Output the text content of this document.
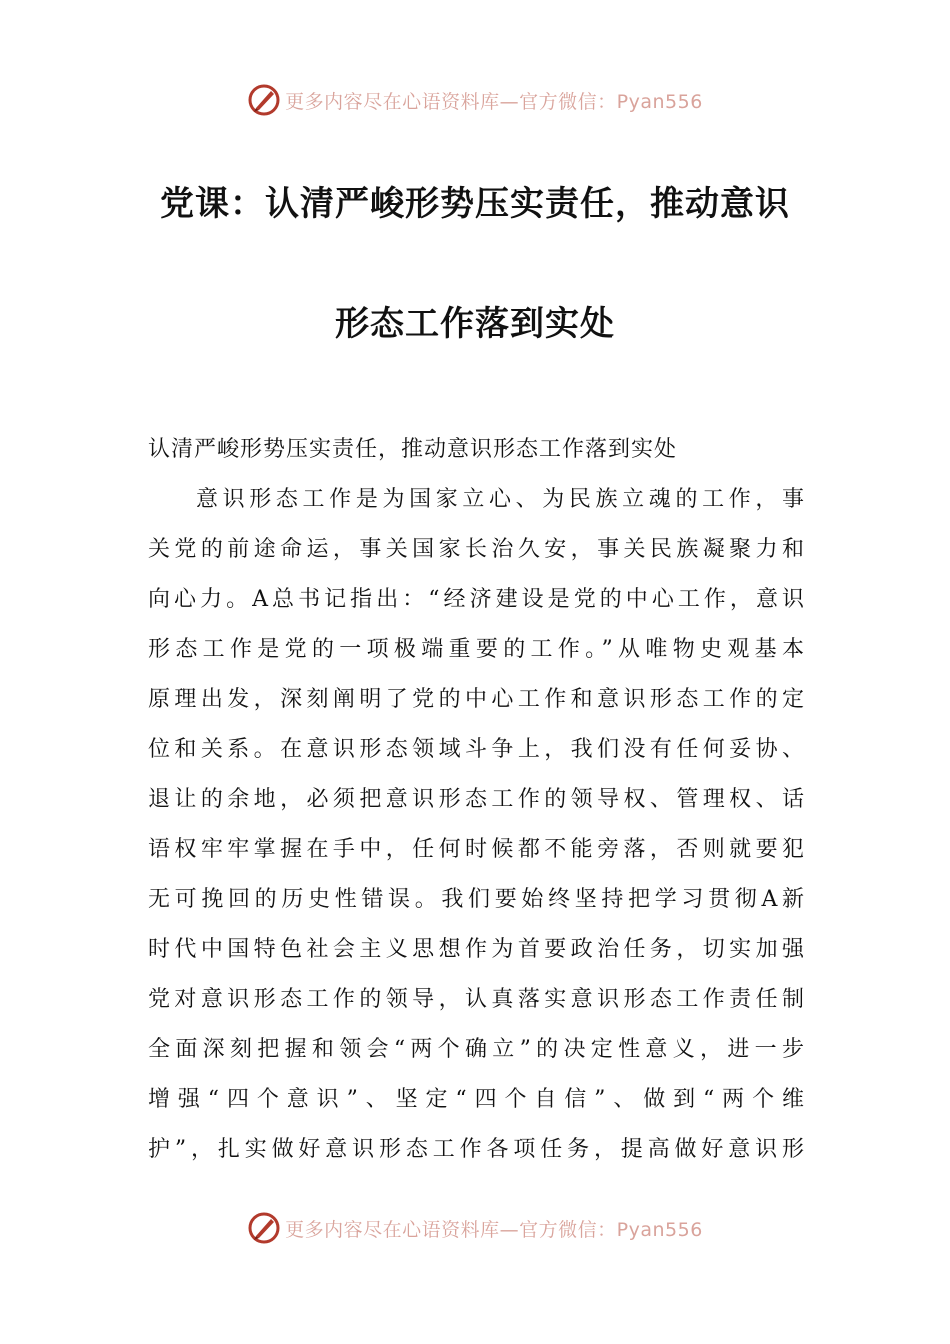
更多内容尽在心语资料库—官方微信：Pyan556
党课：认清严峻形势压实责任，推动意识
形态工作落到实处
认清严峻形势压实责任，推动意识形态工作落到实处
意识形态工作是为国家立心、为民族立魂的工作，事
关党的前途命运，事关国家长治久安，事关民族凝聚力和
向心力。A总书记指出：“经济建设是党的中心工作，意识
形态工作是党的一项极端重要的工作。”从唯物史观基本
原理出发，深刻阐明了党的中心工作和意识形态工作的定
位和关系。在意识形态领域斗争上，我们没有任何妥协、
退让的余地，必须把意识形态工作的领导权、管理权、话
语权牢牢掌握在手中，任何时候都不能旁落，否则就要犯
无可挽回的历史性错误。我们要始终坚持把学习贯彻A新
时代中国特色社会主义思想作为首要政治任务，切实加强
党对意识形态工作的领导，认真落实意识形态工作责任制
全面深刻把握和领会“两个确立”的决定性意义，进一步
增强“四个意识”、坚定“四个自信”、做到“两个维
护”，扎实做好意识形态工作各项任务，提高做好意识形
更多内容尽在心语资料库—官方微信：Pyan556
